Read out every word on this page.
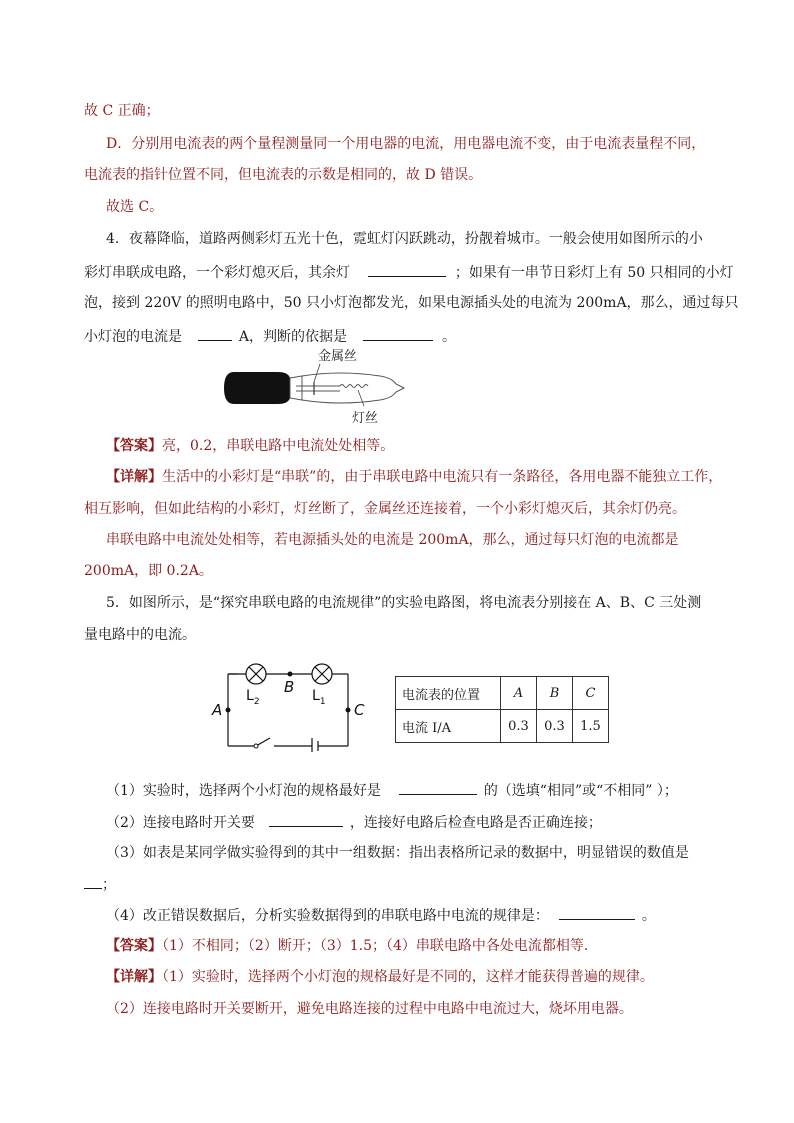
故 C 正确；
D．分别用电流表的两个量程测量同一个用电器的电流，用电器电流不变，由于电流表量程不同，
电流表的指针位置不同，但电流表的示数是相同的，故 D 错误。
故选 C。
4．夜幕降临，道路两侧彩灯五光十色，霓虹灯闪跃跳动，扮靓着城市。一般会使用如图所示的小
彩灯串联成电路，一个彩灯熄灭后，其余灯	；如果有一串节日彩灯上有 50 只相同的小灯
泡，接到 220V 的照明电路中，50 只小灯泡都发光，如果电源插头处的电流为 200mA，那么，通过每只
小灯泡的电流是	A，判断的依据是	。
金属丝
灯丝
【答案】亮，0.2，串联电路中电流处处相等。
【详解】生活中的小彩灯是“串联”的，由于串联电路中电流只有一条路径，各用电器不能独立工作，
相互影响，但如此结构的小彩灯，灯丝断了，金属丝还连接着，一个小彩灯熄灭后，其余灯仍亮。
串联电路中电流处处相等，若电源插头处的电流是 200mA，那么，通过每只灯泡的电流都是
200mA，即 0.2A。
5．如图所示，是“探究串联电路的电流规律”的实验电路图，将电流表分别接在 A、B、C 三处测
量电路中的电流。
$L_2$	$L_1$
B
A	C
电流表的位置	A	B	C
电流 I/A	0.3	0.3	1.5
（1）实验时，选择两个小灯泡的规格最好是	的（选填“相同”或“不相同” ）；
（2）连接电路时开关要	，连接好电路后检查电路是否正确连接；
（3）如表是某同学做实验得到的其中一组数据：指出表格所记录的数据中，明显错误的数值是
；
（4）改正错误数据后，分析实验数据得到的串联电路中电流的规律是：	。
【答案】（1）不相同；（2）断开；（3）1.5；（4）串联电路中各处电流都相等.
【详解】（1）实验时，选择两个小灯泡的规格最好是不同的，这样才能获得普遍的规律。
（2）连接电路时开关要断开，避免电路连接的过程中电路中电流过大，烧坏用电器。
